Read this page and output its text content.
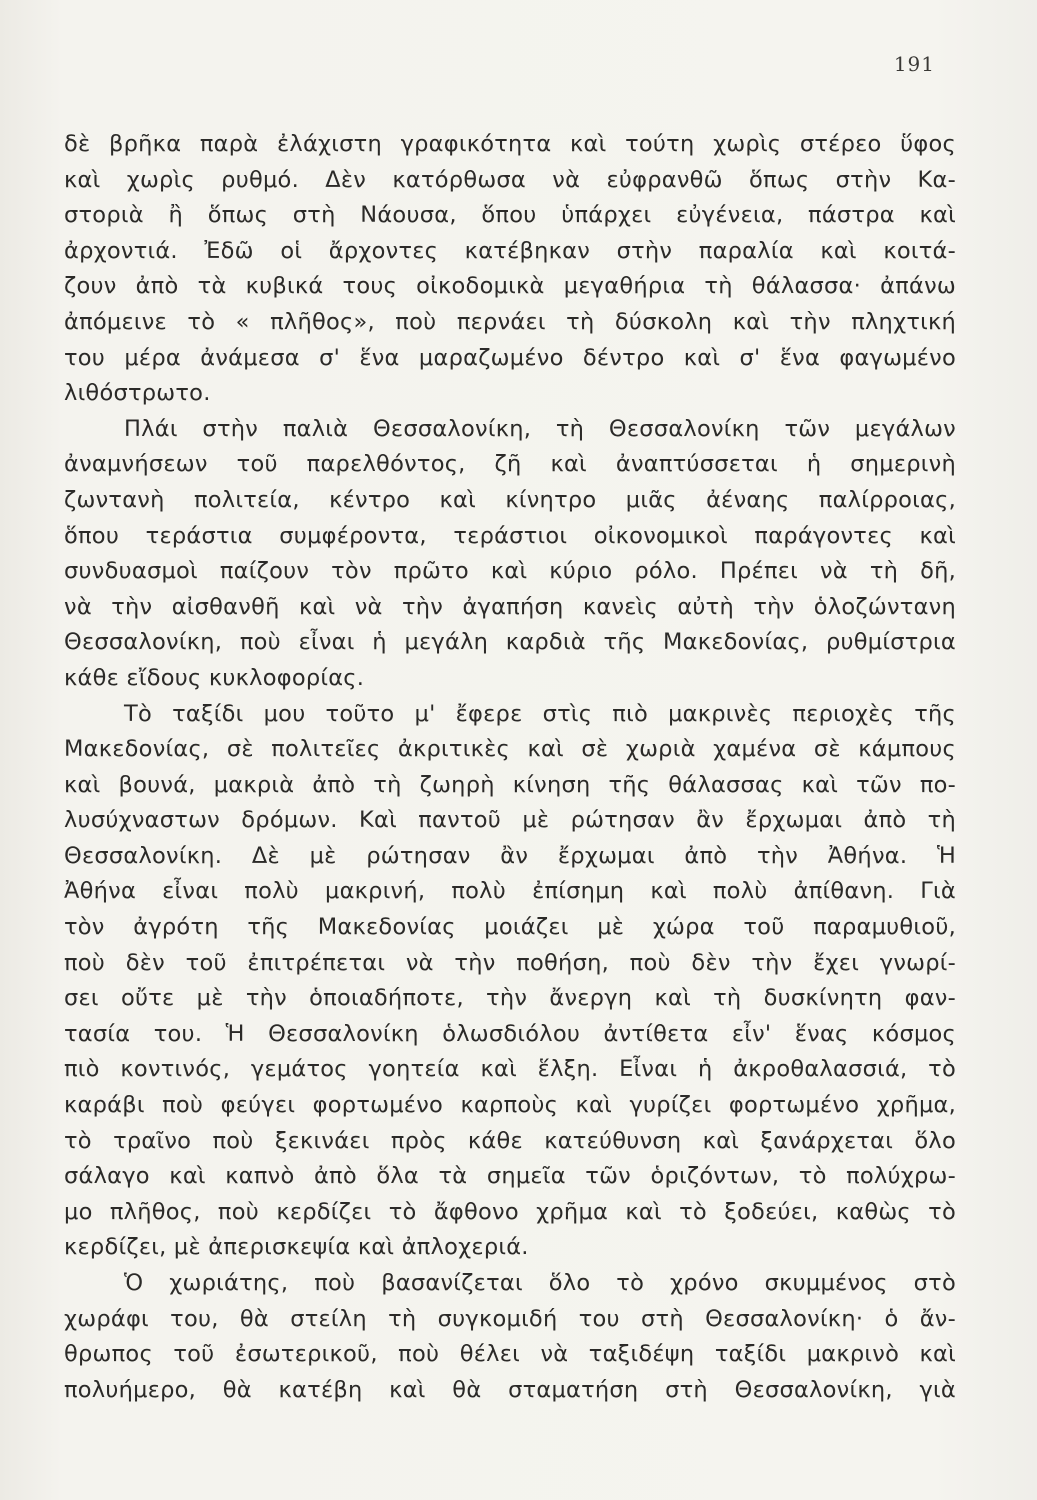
191
δὲ βρῆκα παρὰ ἐλάχιστη γραφικότητα καὶ τούτη χωρὶς στέρεο ὕφος
καὶ χωρὶς ρυθμό. Δὲν κατόρθωσα νὰ εὐφρανθῶ ὅπως στὴν Κα-
στοριὰ ἢ ὅπως στὴ Νάουσα, ὅπου ὑπάρχει εὐγένεια, πάστρα καὶ
ἀρχοντιά. Ἐδῶ οἱ ἄρχοντες κατέβηκαν στὴν παραλία καὶ κοιτά-
ζουν ἀπὸ τὰ κυβικά τους οἰκοδομικὰ μεγαθήρια τὴ θάλασσα· ἀπάνω
ἀπόμεινε τὸ « πλῆθος», ποὺ περνάει τὴ δύσκολη καὶ τὴν πληχτική
του μέρα ἀνάμεσα σ' ἕνα μαραζωμένο δέντρο καὶ σ' ἕνα φαγωμένο
λιθόστρωτο.
Πλάι στὴν παλιὰ Θεσσαλονίκη, τὴ Θεσσαλονίκη τῶν μεγάλων
ἀναμνήσεων τοῦ παρελθόντος, ζῆ καὶ ἀναπτύσσεται ἡ σημερινὴ
ζωντανὴ πολιτεία, κέντρο καὶ κίνητρο μιᾶς ἀέναης παλίρροιας,
ὅπου τεράστια συμφέροντα, τεράστιοι οἰκονομικοὶ παράγοντες καὶ
συνδυασμοὶ παίζουν τὸν πρῶτο καὶ κύριο ρόλο. Πρέπει νὰ τὴ δῆ,
νὰ τὴν αἰσθανθῆ καὶ νὰ τὴν ἀγαπήση κανεὶς αὐτὴ τὴν ὁλοζώντανη
Θεσσαλονίκη, ποὺ εἶναι ἡ μεγάλη καρδιὰ τῆς Μακεδονίας, ρυθμίστρια
κάθε εἴδους κυκλοφορίας.
Τὸ ταξίδι μου τοῦτο μ' ἔφερε στὶς πιὸ μακρινὲς περιοχὲς τῆς
Μακεδονίας, σὲ πολιτεῖες ἀκριτικὲς καὶ σὲ χωριὰ χαμένα σὲ κάμπους
καὶ βουνά, μακριὰ ἀπὸ τὴ ζωηρὴ κίνηση τῆς θάλασσας καὶ τῶν πο-
λυσύχναστων δρόμων. Καὶ παντοῦ μὲ ρώτησαν ἂν ἔρχωμαι ἀπὸ τὴ
Θεσσαλονίκη. Δὲ μὲ ρώτησαν ἂν ἔρχωμαι ἀπὸ τὴν Ἀθήνα. Ἡ
Ἀθήνα εἶναι πολὺ μακρινή, πολὺ ἐπίσημη καὶ πολὺ ἀπίθανη. Γιὰ
τὸν ἀγρότη τῆς Μακεδονίας μοιάζει μὲ χώρα τοῦ παραμυθιοῦ,
ποὺ δὲν τοῦ ἐπιτρέπεται νὰ τὴν ποθήση, ποὺ δὲν τὴν ἔχει γνωρί-
σει οὔτε μὲ τὴν ὁποιαδήποτε, τὴν ἄνεργη καὶ τὴ δυσκίνητη φαν-
τασία του. Ἡ Θεσσαλονίκη ὁλωσδιόλου ἀντίθετα εἶν' ἕνας κόσμος
πιὸ κοντινός, γεμάτος γοητεία καὶ ἕλξη. Εἶναι ἡ ἀκροθαλασσιά, τὸ
καράβι ποὺ φεύγει φορτωμένο καρποὺς καὶ γυρίζει φορτωμένο χρῆμα,
τὸ τραῖνο ποὺ ξεκινάει πρὸς κάθε κατεύθυνση καὶ ξανάρχεται ὅλο
σάλαγο καὶ καπνὸ ἀπὸ ὅλα τὰ σημεῖα τῶν ὁριζόντων, τὸ πολύχρω-
μο πλῆθος, ποὺ κερδίζει τὸ ἄφθονο χρῆμα καὶ τὸ ξοδεύει, καθὼς τὸ
κερδίζει, μὲ ἀπερισκεψία καὶ ἀπλοχεριά.
Ὁ χωριάτης, ποὺ βασανίζεται ὅλο τὸ χρόνο σκυμμένος στὸ
χωράφι του, θὰ στείλη τὴ συγκομιδή του στὴ Θεσσαλονίκη· ὁ ἄν-
θρωπος τοῦ ἐσωτερικοῦ, ποὺ θέλει νὰ ταξιδέψη ταξίδι μακρινὸ καὶ
πολυήμερο, θὰ κατέβη καὶ θὰ σταματήση στὴ Θεσσαλονίκη, γιὰ
